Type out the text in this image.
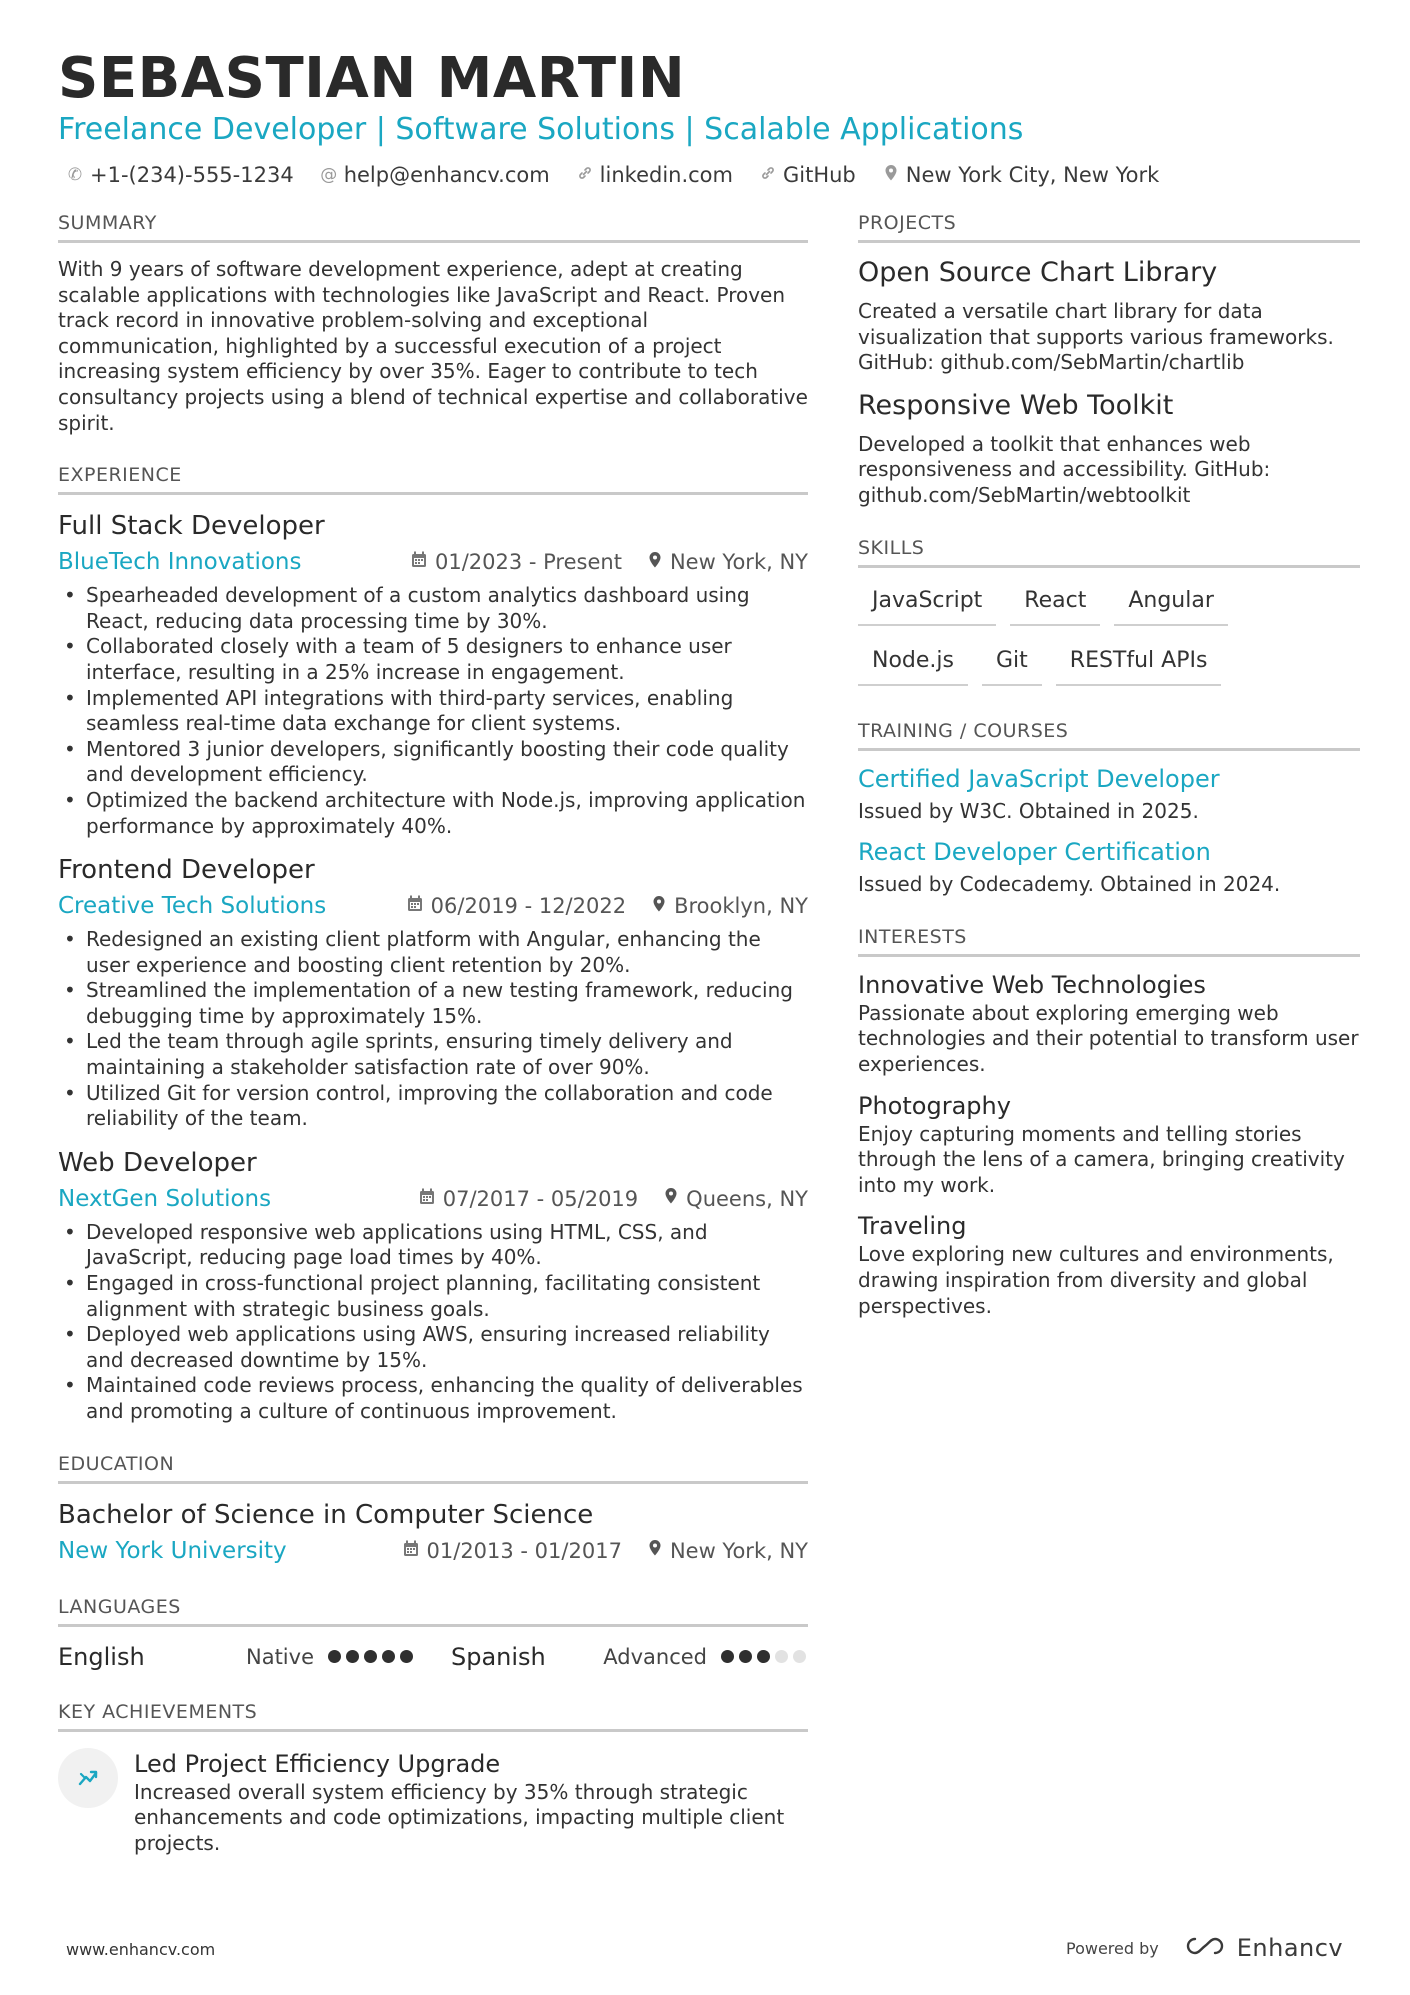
SEBASTIAN MARTIN
Freelance Developer | Software Solutions | Scalable Applications
✆ +1-(234)-555-1234 @ help@enhancv.com linkedin.com GitHub New York City, New York
SUMMARY
With 9 years of software development experience, adept at creating scalable applications with technologies like JavaScript and React. Proven track record in innovative problem-solving and exceptional communication, highlighted by a successful execution of a project increasing system efficiency by over 35%. Eager to contribute to tech consultancy projects using a blend of technical expertise and collaborative spirit.
EXPERIENCE
Full Stack Developer
BlueTech Innovations	01/2023 - Present New York, NY
• Spearheaded development of a custom analytics dashboard using React, reducing data processing time by 30%.
• Collaborated closely with a team of 5 designers to enhance user interface, resulting in a 25% increase in engagement.
• Implemented API integrations with third-party services, enabling seamless real-time data exchange for client systems.
• Mentored 3 junior developers, significantly boosting their code quality and development efficiency.
• Optimized the backend architecture with Node.js, improving application performance by approximately 40%.
Frontend Developer
Creative Tech Solutions	06/2019 - 12/2022 Brooklyn, NY
• Redesigned an existing client platform with Angular, enhancing the user experience and boosting client retention by 20%.
• Streamlined the implementation of a new testing framework, reducing debugging time by approximately 15%.
• Led the team through agile sprints, ensuring timely delivery and maintaining a stakeholder satisfaction rate of over 90%.
• Utilized Git for version control, improving the collaboration and code reliability of the team.
Web Developer
NextGen Solutions	07/2017 - 05/2019 Queens, NY
• Developed responsive web applications using HTML, CSS, and JavaScript, reducing page load times by 40%.
• Engaged in cross-functional project planning, facilitating consistent alignment with strategic business goals.
• Deployed web applications using AWS, ensuring increased reliability and decreased downtime by 15%.
• Maintained code reviews process, enhancing the quality of deliverables and promoting a culture of continuous improvement.
EDUCATION
Bachelor of Science in Computer Science
New York University	01/2013 - 01/2017 New York, NY
LANGUAGES
English	Native	Spanish	Advanced
KEY ACHIEVEMENTS
Led Project Efficiency Upgrade
Increased overall system efficiency by 35% through strategic enhancements and code optimizations, impacting multiple client projects.
PROJECTS
Open Source Chart Library
Created a versatile chart library for data visualization that supports various frameworks. GitHub: github.com/SebMartin/chartlib
Responsive Web Toolkit
Developed a toolkit that enhances web responsiveness and accessibility. GitHub: github.com/SebMartin/webtoolkit
SKILLS
JavaScript	React	Angular
Node.js	Git	RESTful APIs
TRAINING / COURSES
Certified JavaScript Developer
Issued by W3C. Obtained in 2025.
React Developer Certification
Issued by Codecademy. Obtained in 2024.
INTERESTS
Innovative Web Technologies
Passionate about exploring emerging web technologies and their potential to transform user experiences.
Photography
Enjoy capturing moments and telling stories through the lens of a camera, bringing creativity into my work.
Traveling
Love exploring new cultures and environments, drawing inspiration from diversity and global perspectives.
www.enhancv.com	Powered by	Enhancv
